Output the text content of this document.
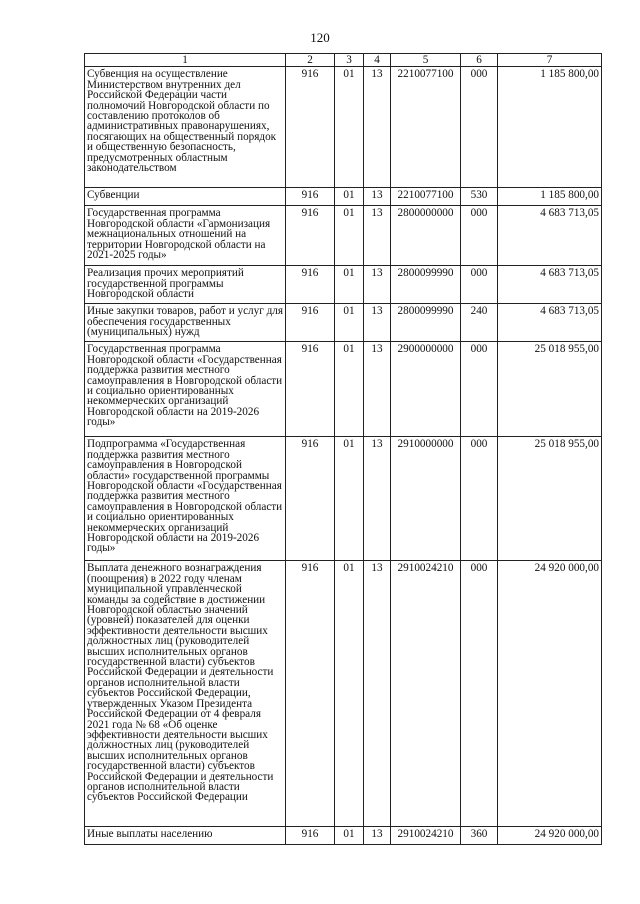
120
1	2	3	4	5	6	7
Субвенция на осуществление Министерством внутренних дел Российской Федерации части полномочий Новгородской области по составлению протоколов об административных правонарушениях, посягающих на общественный порядок и общественную безопасность, предусмотренных областным законодательством	916	01	13	2210077100	000	1 185 800,00
Субвенции	916	01	13	2210077100	530	1 185 800,00
Государственная программа Новгородской области «Гармонизация межнациональных отношений на территории Новгородской области на 2021-2025 годы»	916	01	13	2800000000	000	4 683 713,05
Реализация прочих мероприятий государственной программы Новгородской области	916	01	13	2800099990	000	4 683 713,05
Иные закупки товаров, работ и услуг для обеспечения государственных (муниципальных) нужд	916	01	13	2800099990	240	4 683 713,05
Государственная программа Новгородской области «Государственная поддержка развития местного самоуправления в Новгородской области и социально ориентированных некоммерческих организаций Новгородской области на 2019-2026 годы»	916	01	13	2900000000	000	25 018 955,00
Подпрограмма «Государственная поддержка развития местного самоуправления в Новгородской области» государственной программы Новгородской области «Государственная поддержка развития местного самоуправления в Новгородской области и социально ориентированных некоммерческих организаций Новгородской области на 2019-2026 годы»	916	01	13	2910000000	000	25 018 955,00
Выплата денежного вознаграждения (поощрения) в 2022 году членам муниципальной управленческой команды за содействие в достижении Новгородской областью значений (уровней) показателей для оценки эффективности деятельности высших должностных лиц (руководителей высших исполнительных органов государственной власти) субъектов Российской Федерации и деятельности органов исполнительной власти субъектов Российской Федерации, утвержденных Указом Президента Российской Федерации от 4 февраля 2021 года № 68 «Об оценке эффективности деятельности высших должностных лиц (руководителей высших исполнительных органов государственной власти) субъектов Российской Федерации и деятельности органов исполнительной власти субъектов Российской Федерации	916	01	13	2910024210	000	24 920 000,00
Иные выплаты населению	916	01	13	2910024210	360	24 920 000,00
